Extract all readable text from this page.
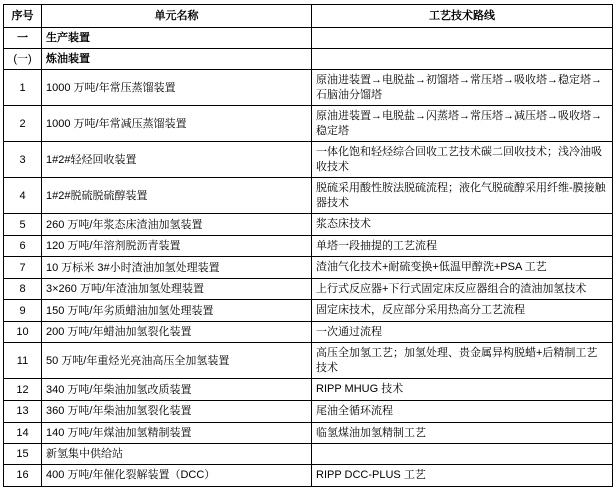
序号	单元名称	工艺技术路线
一	生产装置	
(一)	炼油装置	
1	1000 万吨/年常压蒸馏装置	原油进装置→电脱盐→初馏塔→常压塔→吸收塔→稳定塔→石脑油分馏塔
2	1000 万吨/年常减压蒸馏装置	原油进装置→电脱盐→闪蒸塔→常压塔→减压塔→吸收塔→稳定塔
3	1#2#轻烃回收装置	一体化饱和轻烃综合回收工艺技术碳二回收技术；浅冷油吸收技术
4	1#2#脱硫脱硫醇装置	脱硫采用酸性胺法脱硫流程；液化气脱硫醇采用纤维-膜接触器技术
5	260 万吨/年浆态床渣油加氢装置	浆态床技术
6	120 万吨/年溶剂脱沥青装置	单塔一段抽提的工艺流程
7	10 万标米 3#小时渣油加氢处理装置	渣油气化技术+耐硫变换+低温甲醇洗+PSA 工艺
8	3×260 万吨/年渣油加氢处理装置	上行式反应器+下行式固定床反应器组合的渣油加氢技术
9	150 万吨/年劣质蜡油加氢处理装置	固定床技术，反应部分采用热高分工艺流程
10	200 万吨/年蜡油加氢裂化装置	一次通过流程
11	50 万吨/年重烃光亮油高压全加氢装置	高压全加氢工艺；加氢处理、贵金属异构脱蜡+后精制工艺技术
12	340 万吨/年柴油加氢改质装置	RIPP MHUG 技术
13	360 万吨/年柴油加氢裂化装置	尾油全循环流程
14	140 万吨/年煤油加氢精制装置	临氢煤油加氢精制工艺
15	新氢集中供给站	
16	400 万吨/年催化裂解装置（DCC）	RIPP DCC-PLUS 工艺
